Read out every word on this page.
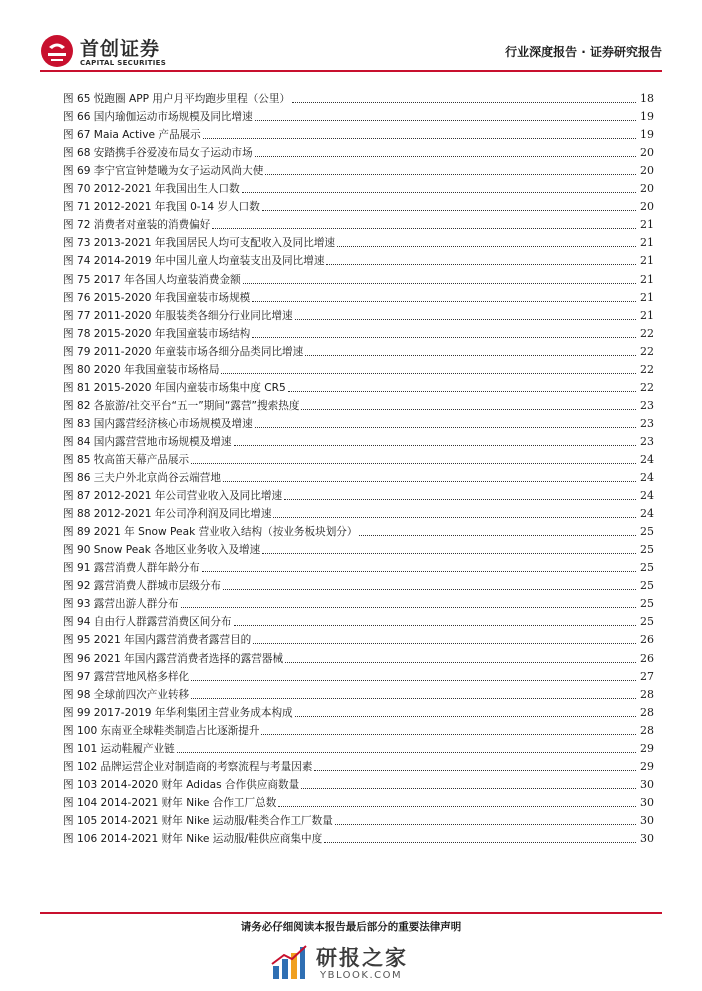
首创证券
CAPITAL SECURITIES
行业深度报告 · 证券研究报告
图 65 悦跑圈 APP 用户月平均跑步里程（公里）	18
图 66 国内瑜伽运动市场规模及同比增速	19
图 67 Maia Active 产品展示	19
图 68 安踏携手谷爱凌布局女子运动市场	20
图 69 李宁官宣钟楚曦为女子运动风尚大使	20
图 70 2012-2021 年我国出生人口数	20
图 71 2012-2021 年我国 0-14 岁人口数	20
图 72 消费者对童装的消费偏好	21
图 73 2013-2021 年我国居民人均可支配收入及同比增速	21
图 74 2014-2019 年中国儿童人均童装支出及同比增速	21
图 75 2017 年各国人均童装消费金额	21
图 76 2015-2020 年我国童装市场规模	21
图 77 2011-2020 年服装类各细分行业同比增速	21
图 78 2015-2020 年我国童装市场结构	22
图 79 2011-2020 年童装市场各细分品类同比增速	22
图 80 2020 年我国童装市场格局	22
图 81 2015-2020 年国内童装市场集中度 CR5	22
图 82 各旅游/社交平台“五一”期间“露营”搜索热度	23
图 83 国内露营经济核心市场规模及增速	23
图 84 国内露营营地市场规模及增速	23
图 85 牧高笛天幕产品展示	24
图 86 三夫户外北京尚谷云端营地	24
图 87 2012-2021 年公司营业收入及同比增速	24
图 88 2012-2021 年公司净利润及同比增速	24
图 89 2021 年 Snow Peak 营业收入结构（按业务板块划分）	25
图 90 Snow Peak 各地区业务收入及增速	25
图 91 露营消费人群年龄分布	25
图 92 露营消费人群城市层级分布	25
图 93 露营出游人群分布	25
图 94 自由行人群露营消费区间分布	25
图 95 2021 年国内露营消费者露营目的	26
图 96 2021 年国内露营消费者选择的露营器械	26
图 97 露营营地风格多样化	27
图 98 全球前四次产业转移	28
图 99 2017-2019 年华利集团主营业务成本构成	28
图 100 东南亚全球鞋类制造占比逐渐提升	28
图 101 运动鞋履产业链	29
图 102 品牌运营企业对制造商的考察流程与考量因素	29
图 103 2014-2020 财年 Adidas 合作供应商数量	30
图 104 2014-2021 财年 Nike 合作工厂总数	30
图 105 2014-2021 财年 Nike 运动服/鞋类合作工厂数量	30
图 106 2014-2021 财年 Nike 运动服/鞋供应商集中度	30
请务必仔细阅读本报告最后部分的重要法律声明
研报之家
YBLOOK.COM
